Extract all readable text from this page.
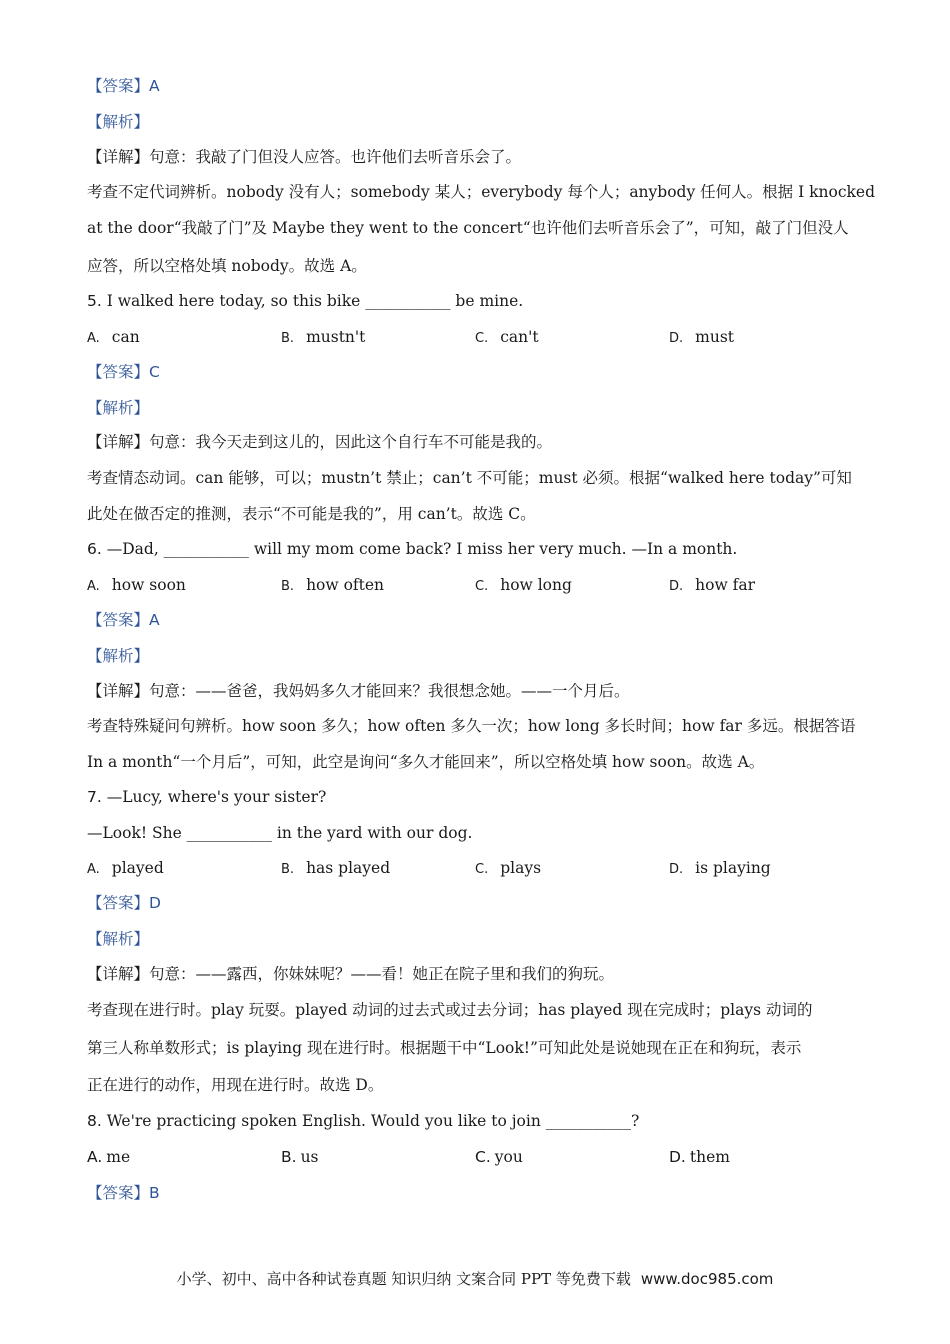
【答案】A
【解析】
【详解】句意：我敲了门但没人应答。也许他们去听音乐会了。
考查不定代词辨析。nobody 没有人；somebody 某人；everybody 每个人；anybody 任何人。根据 I knocked
at the door“我敲了门”及 Maybe they went to the concert“也许他们去听音乐会了”，可知，敲了门但没人
应答，所以空格处填 nobody。故选 A。
5. I walked here today, so this bike ___________ be mine.
A. can	B. mustn't	C. can't	D. must
【答案】C
【解析】
【详解】句意：我今天走到这儿的，因此这个自行车不可能是我的。
考查情态动词。can 能够，可以；mustn’t 禁止；can’t 不可能；must 必须。根据“walked here today”可知
此处在做否定的推测，表示“不可能是我的”，用 can’t。故选 C。
6. —Dad, ___________ will my mom come back? I miss her very much. —In a month.
A. how soon	B. how often	C. how long	D. how far
【答案】A
【解析】
【详解】句意：——爸爸，我妈妈多久才能回来？我很想念她。——一个月后。
考查特殊疑问句辨析。how soon 多久；how often 多久一次；how long 多长时间；how far 多远。根据答语
In a month“一个月后”，可知，此空是询问“多久才能回来”，所以空格处填 how soon。故选 A。
7. —Lucy, where's your sister?
—Look! She ___________ in the yard with our dog.
A. played	B. has played	C. plays	D. is playing
【答案】D
【解析】
【详解】句意：——露西，你妹妹呢？——看！她正在院子里和我们的狗玩。
考查现在进行时。play 玩耍。played 动词的过去式或过去分词；has played 现在完成时；plays 动词的
第三人称单数形式；is playing 现在进行时。根据题干中“Look!”可知此处是说她现在正在和狗玩，表示
正在进行的动作，用现在进行时。故选 D。
8. We're practicing spoken English. Would you like to join ___________?
A. me	B. us	C. you	D. them
【答案】B
小学、初中、高中各种试卷真题 知识归纳 文案合同 PPT 等免费下载 www.doc985.com
